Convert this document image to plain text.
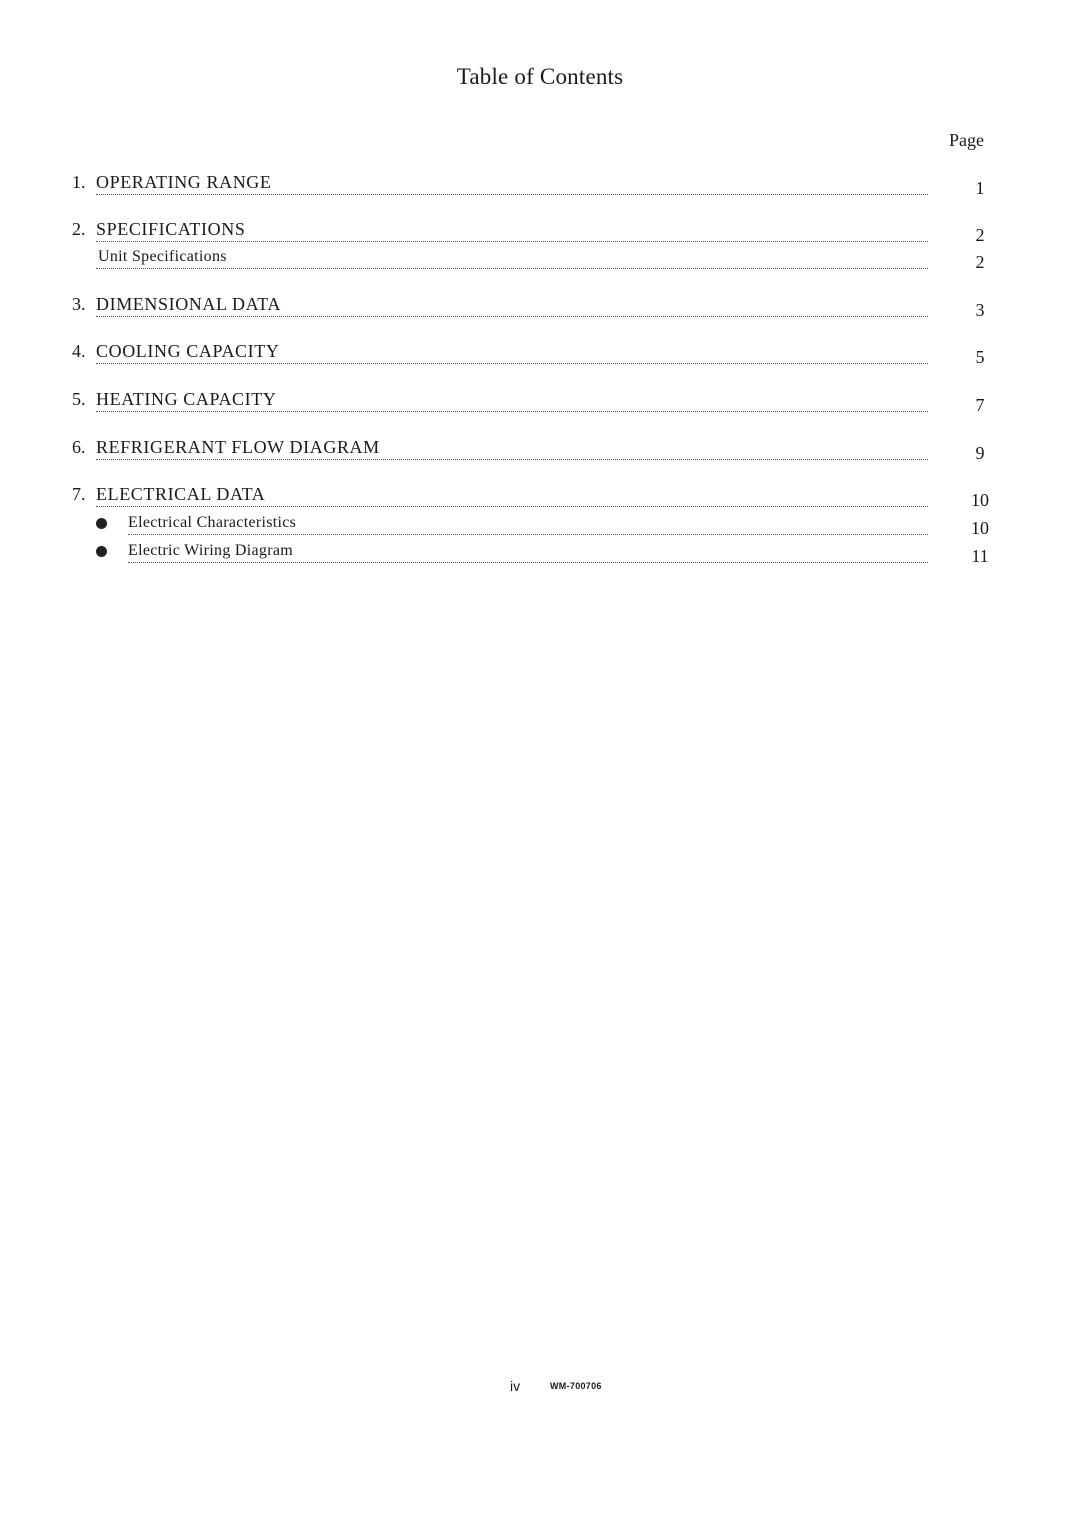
Table of Contents
Page
1. OPERATING RANGE	1
2. SPECIFICATIONS	2
Unit Specifications	2
3. DIMENSIONAL DATA	3
4. COOLING CAPACITY	5
5. HEATING CAPACITY	7
6. REFRIGERANT FLOW DIAGRAM	9
7. ELECTRICAL DATA	10
Electrical Characteristics	10
Electric Wiring Diagram	11
iv	WM-700706
